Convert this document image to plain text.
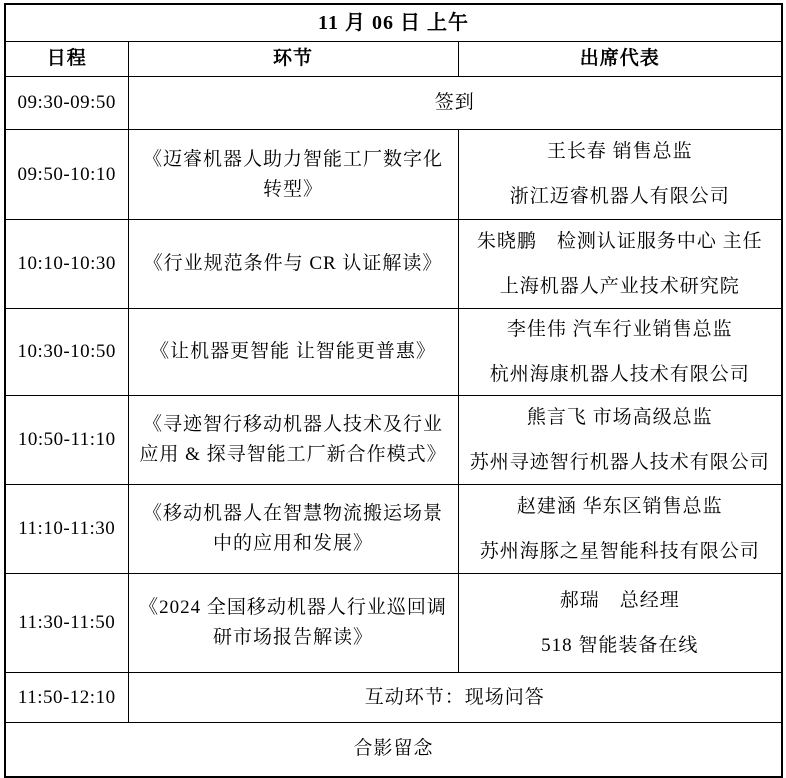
11 月 06 日 上午		
日程	环节	出席代表
09:30-09:50	签到	
09:50-10:10	《迈睿机器人助力智能工厂数字化转型》	王长春 销售总监
浙江迈睿机器人有限公司

10:10-10:30	《行业规范条件与 CR 认证解读》	朱晓鹏　检测认证服务中心 主任
上海机器人产业技术研究院

10:30-10:50	《让机器更智能 让智能更普惠》	李佳伟 汽车行业销售总监
杭州海康机器人技术有限公司

10:50-11:10	《寻迹智行移动机器人技术及行业应用 & 探寻智能工厂新合作模式》	熊言飞 市场高级总监
苏州寻迹智行机器人技术有限公司

11:10-11:30	《移动机器人在智慧物流搬运场景中的应用和发展》	赵建涵 华东区销售总监
苏州海豚之星智能科技有限公司

11:30-11:50	《2024 全国移动机器人行业巡回调研市场报告解读》	郝瑞　总经理
518 智能装备在线

11:50-12:10	互动环节：现场问答	
合影留念		
